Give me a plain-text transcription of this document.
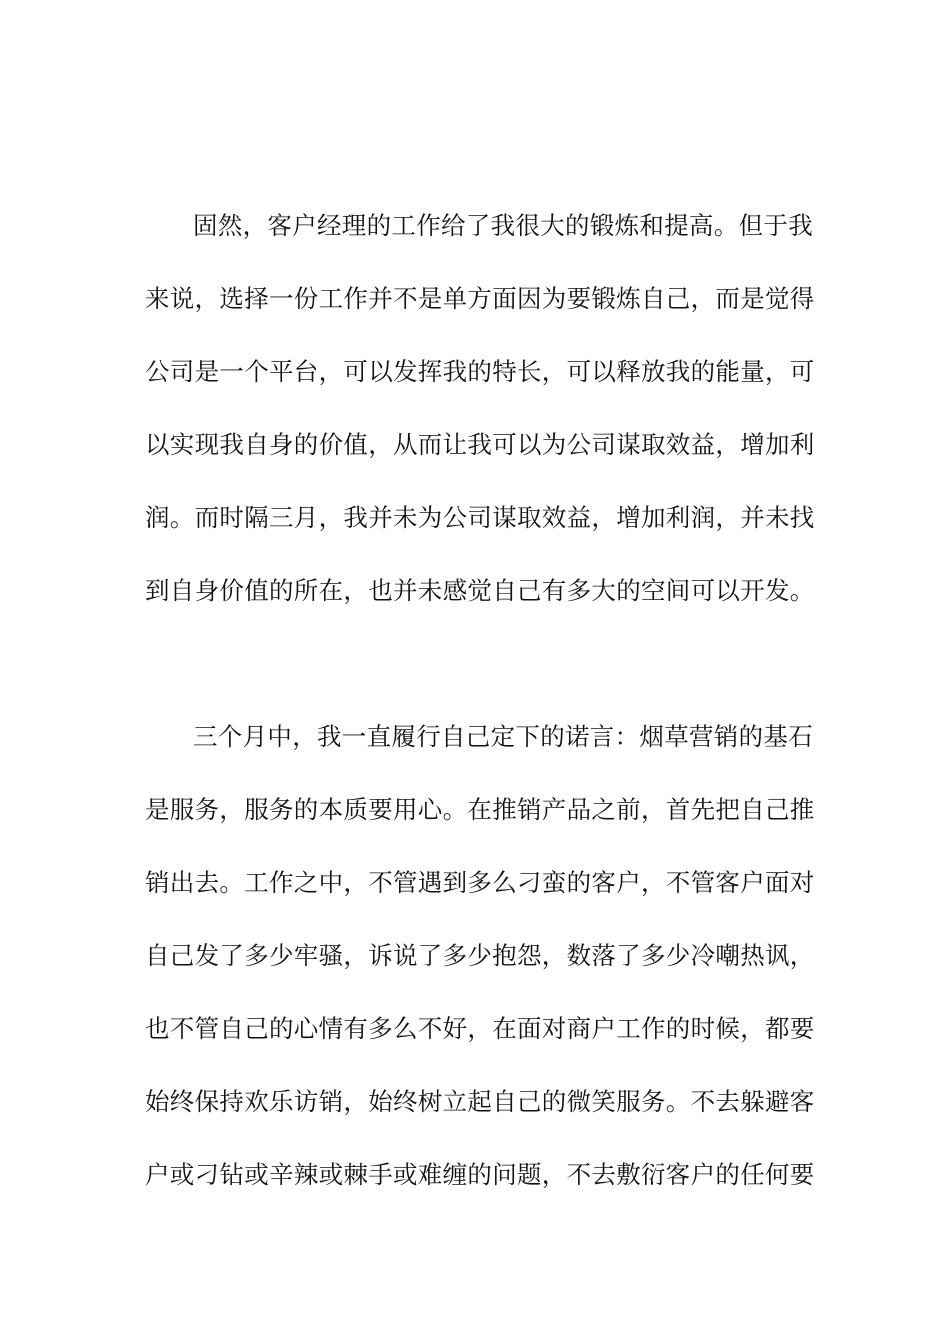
固然，客户经理的工作给了我很大的锻炼和提高。但于我
来说，选择一份工作并不是单方面因为要锻炼自己，而是觉得
公司是一个平台，可以发挥我的特长，可以释放我的能量，可
以实现我自身的价值，从而让我可以为公司谋取效益，增加利
润。而时隔三月，我并未为公司谋取效益，增加利润，并未找
到自身价值的所在，也并未感觉自己有多大的空间可以开发。
三个月中，我一直履行自己定下的诺言：烟草营销的基石
是服务，服务的本质要用心。在推销产品之前，首先把自己推
销出去。工作之中，不管遇到多么刁蛮的客户，不管客户面对
自己发了多少牢骚，诉说了多少抱怨，数落了多少冷嘲热讽，
也不管自己的心情有多么不好，在面对商户工作的时候，都要
始终保持欢乐访销，始终树立起自己的微笑服务。不去躲避客
户或刁钻或辛辣或棘手或难缠的问题，不去敷衍客户的任何要
